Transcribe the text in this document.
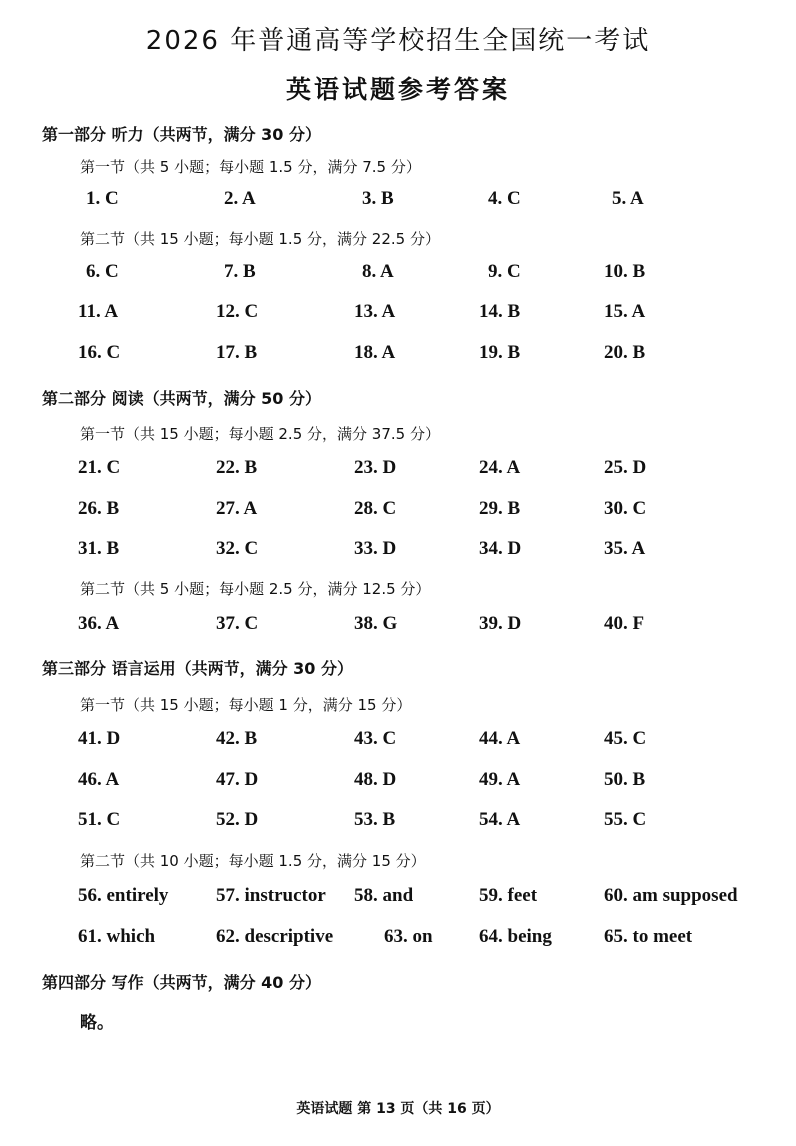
2026 年普通高等学校招生全国统一考试
英语试题参考答案
第一部分 听力（共两节，满分 30 分）
第一节（共 5 小题；每小题 1.5 分，满分 7.5 分）
1. C	2. A	3. B	4. C	5. A
第二节（共 15 小题；每小题 1.5 分，满分 22.5 分）
6. C	7. B	8. A	9. C	10. B
11. A	12. C	13. A	14. B	15. A
16. C	17. B	18. A	19. B	20. B
第二部分 阅读（共两节，满分 50 分）
第一节（共 15 小题；每小题 2.5 分，满分 37.5 分）
21. C	22. B	23. D	24. A	25. D
26. B	27. A	28. C	29. B	30. C
31. B	32. C	33. D	34. D	35. A
第二节（共 5 小题；每小题 2.5 分，满分 12.5 分）
36. A	37. C	38. G	39. D	40. F
第三部分 语言运用（共两节，满分 30 分）
第一节（共 15 小题；每小题 1 分，满分 15 分）
41. D	42. B	43. C	44. A	45. C
46. A	47. D	48. D	49. A	50. B
51. C	52. D	53. B	54. A	55. C
第二节（共 10 小题；每小题 1.5 分，满分 15 分）
56. entirely	57. instructor 58. and	59. feet	60. am supposed
61. which	62. descriptive	63. on 64. being	65. to meet
第四部分 写作（共两节，满分 40 分）
略。
英语试题 第 13 页（共 16 页）
